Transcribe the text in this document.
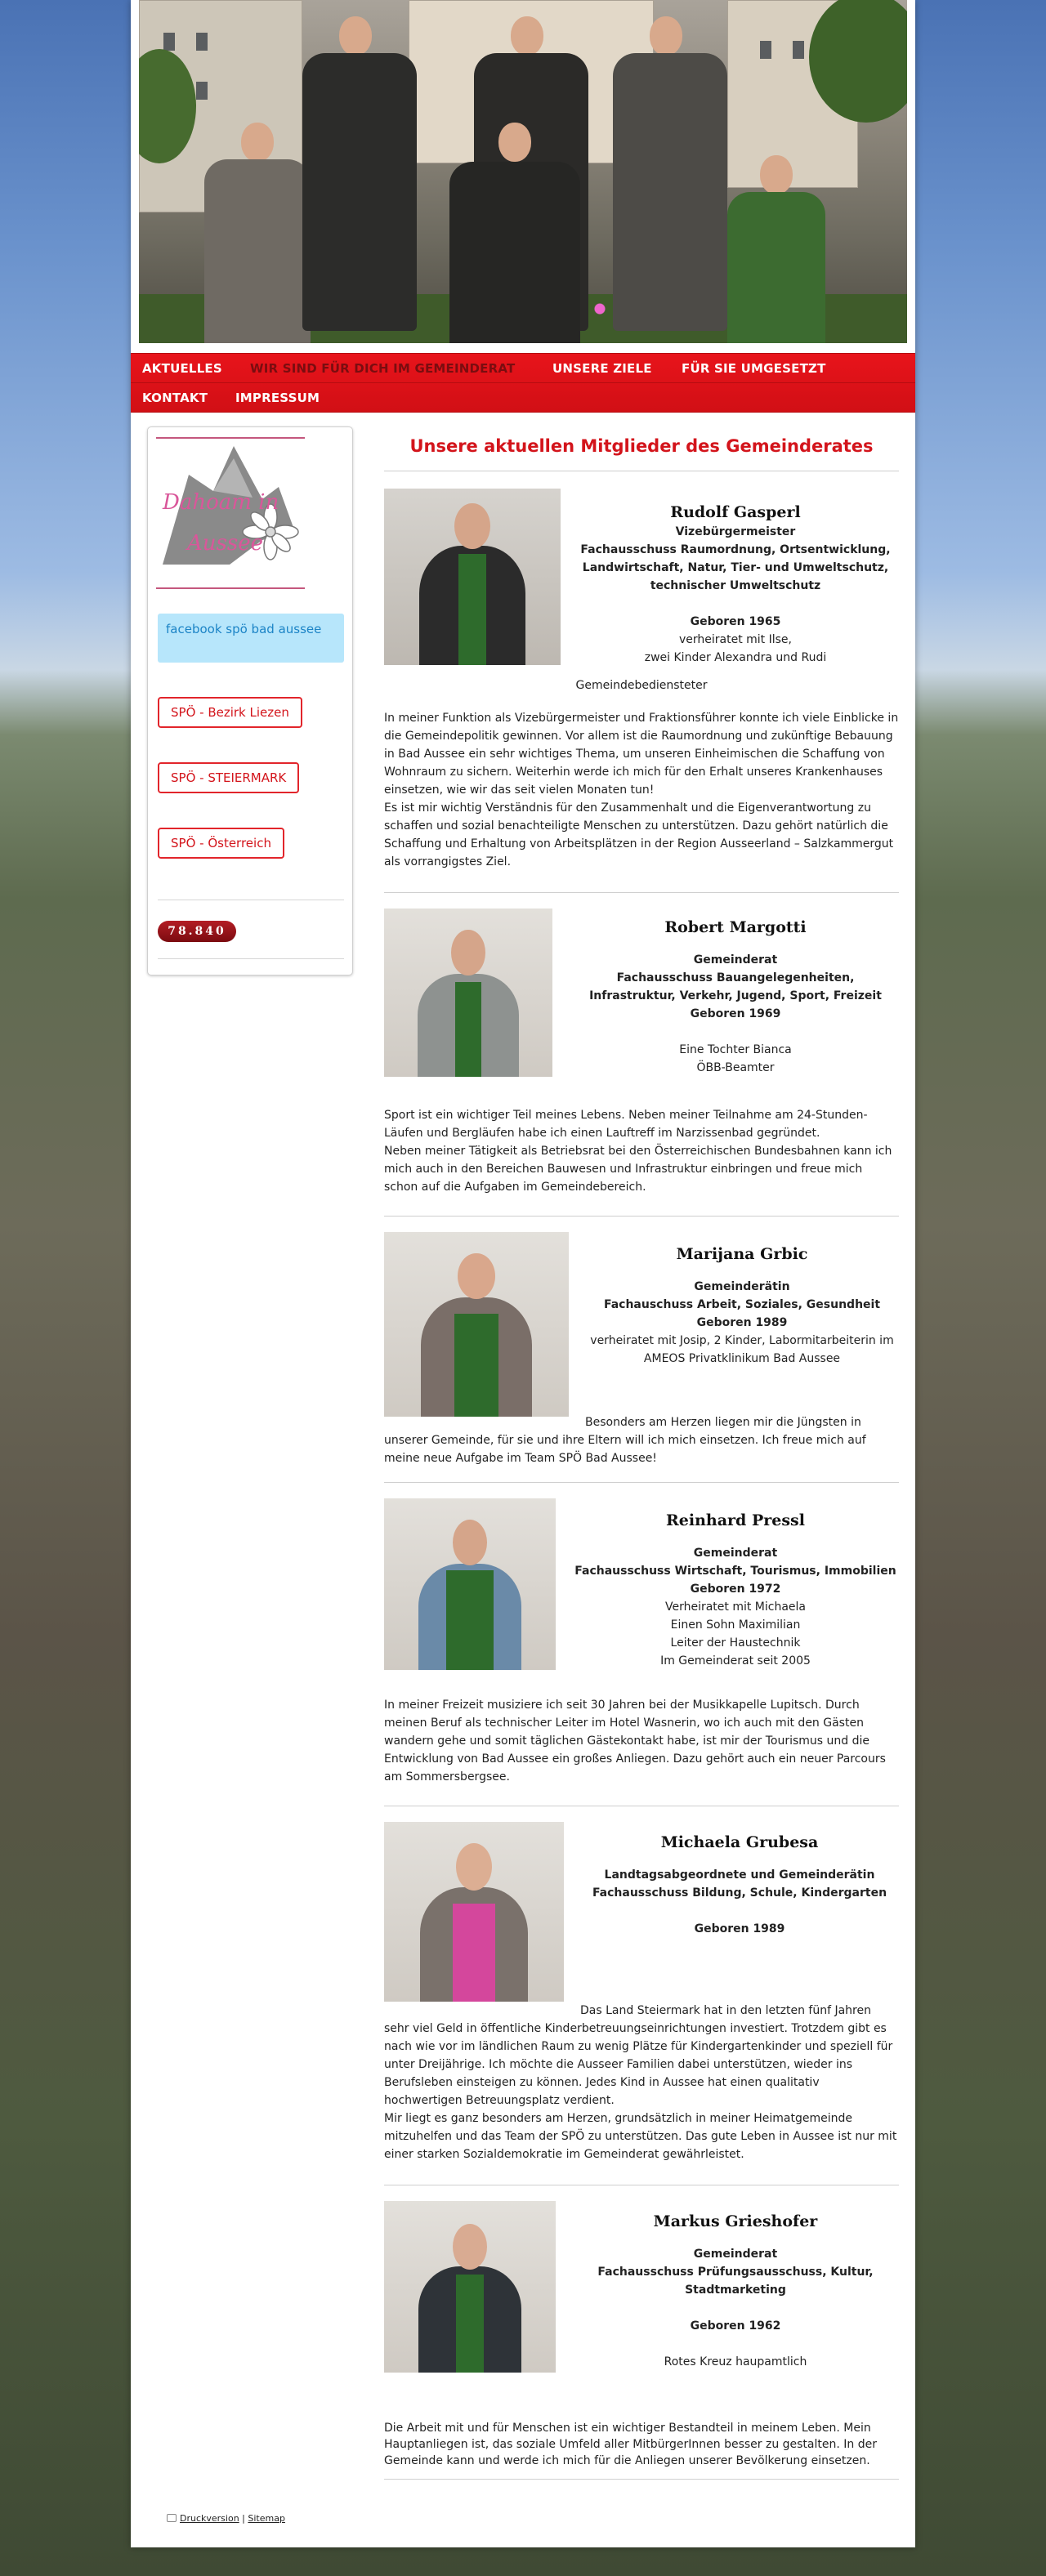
AKTUELLES WIR SIND FÜR DICH IM GEMEINDERAT	UNSERE ZIELE FÜR SIE UMGESETZT
KONTAKT IMPRESSUM
Dahoam in
Aussee
facebook spö bad aussee
SPÖ - Bezirk Liezen
SPÖ - STEIERMARK
SPÖ - Österreich
78.840
Unsere aktuellen Mitglieder des Gemeinderates
Rudolf Gasperl
Vizebürgermeister
Fachausschuss Raumordnung, Ortsentwicklung, Landwirtschaft, Natur, Tier- und Umweltschutz, technischer Umweltschutz
Geboren 1965
verheiratet mit Ilse,
zwei Kinder Alexandra und Rudi
Gemeindebediensteter

In meiner Funktion als Vizebürgermeister und Fraktionsführer konnte ich viele Einblicke in die Gemeindepolitik gewinnen. Vor allem ist die Raumordnung und zukünftige Bebauung in Bad Aussee ein sehr wichtiges Thema, um unseren Einheimischen die Schaffung von Wohnraum zu sichern. Weiterhin werde ich mich für den Erhalt unseres Krankenhauses einsetzen, wie wir das seit vielen Monaten tun!

Es ist mir wichtig Verständnis für den Zusammenhalt und die Eigenverantwortung zu schaffen und sozial benachteiligte Menschen zu unterstützen. Dazu gehört natürlich die Schaffung und Erhaltung von Arbeitsplätzen in der Region Ausseerland – Salzkammergut als vorrangigstes Ziel.

Robert Margotti
Gemeinderat
Fachausschuss Bauangelegenheiten, Infrastruktur, Verkehr, Jugend, Sport, Freizeit
Geboren 1969
Eine Tochter Bianca
ÖBB-Beamter

Sport ist ein wichtiger Teil meines Lebens. Neben meiner Teilnahme am 24-Stunden-Läufen und Bergläufen habe ich einen Lauftreff im Narzissenbad gegründet.

Neben meiner Tätigkeit als Betriebsrat bei den Österreichischen Bundesbahnen kann ich mich auch in den Bereichen Bauwesen und Infrastruktur einbringen und freue mich schon auf die Aufgaben im Gemeindebereich.

Marijana Grbic
Gemeinderätin
Fachauschuss Arbeit, Soziales, Gesundheit
Geboren 1989
verheiratet mit Josip, 2 Kinder, Labormitarbeiterin im AMEOS Privatklinikum Bad Aussee

Besonders am Herzen liegen mir die Jüngsten in unserer Gemeinde, für sie und ihre Eltern will ich mich einsetzen. Ich freue mich auf meine neue Aufgabe im Team SPÖ Bad Aussee!

Reinhard Pressl
Gemeinderat
Fachausschuss Wirtschaft, Tourismus, Immobilien
Geboren 1972
Verheiratet mit Michaela
Einen Sohn Maximilian
Leiter der Haustechnik
Im Gemeinderat seit 2005

In meiner Freizeit musiziere ich seit 30 Jahren bei der Musikkapelle Lupitsch. Durch meinen Beruf als technischer Leiter im Hotel Wasnerin, wo ich auch mit den Gästen wandern gehe und somit täglichen Gästekontakt habe, ist mir der Tourismus und die Entwicklung von Bad Aussee ein großes Anliegen. Dazu gehört auch ein neuer Parcours am Sommersbergsee.

Michaela Grubesa
Landtagsabgeordnete und Gemeinderätin
Fachausschuss Bildung, Schule, Kindergarten
Geboren 1989

Das Land Steiermark hat in den letzten fünf Jahren sehr viel Geld in öffentliche Kinderbetreuungseinrichtungen investiert. Trotzdem gibt es nach wie vor im ländlichen Raum zu wenig Plätze für Kindergartenkinder und speziell für unter Dreijährige. Ich möchte die Ausseer Familien dabei unterstützen, wieder ins Berufsleben einsteigen zu können. Jedes Kind in Aussee hat einen qualitativ hochwertigen Betreuungsplatz verdient.

Mir liegt es ganz besonders am Herzen, grundsätzlich in meiner Heimatgemeinde mitzuhelfen und das Team der SPÖ zu unterstützen. Das gute Leben in Aussee ist nur mit einer starken Sozialdemokratie im Gemeinderat gewährleistet.

Markus Grieshofer
Gemeinderat
Fachausschuss Prüfungsausschuss, Kultur, Stadtmarketing
Geboren 1962
Rotes Kreuz haupamtlich

Die Arbeit mit und für Menschen ist ein wichtiger Bestandteil in meinem Leben. Mein Hauptanliegen ist, das soziale Umfeld aller MitbürgerInnen besser zu gestalten. In der Gemeinde kann und werde ich mich für die Anliegen unserer Bevölkerung einsetzen.

Druckversion | Sitemap
